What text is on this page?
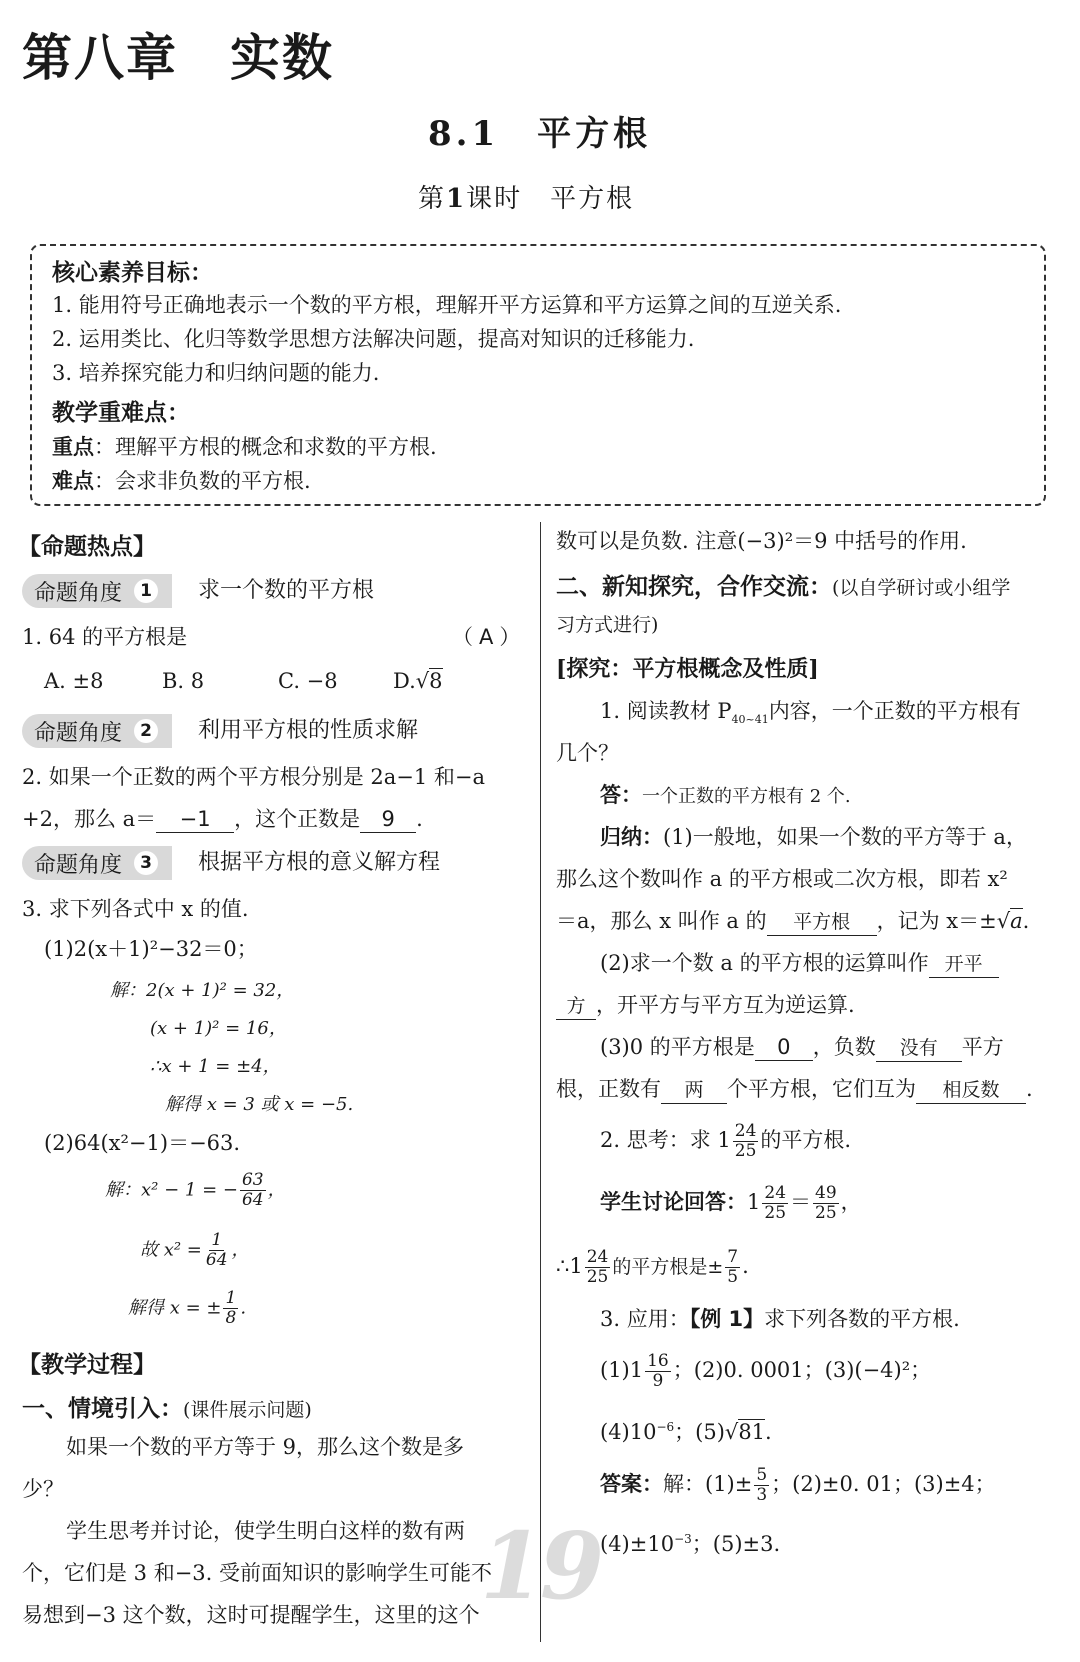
第八章　实数
8.1　平方根
第1课时　平方根
核心素养目标：
1. 能用符号正确地表示一个数的平方根，理解开平方运算和平方运算之间的互逆关系.
2. 运用类比、化归等数学思想方法解决问题，提高对知识的迁移能力.
3. 培养探究能力和归纳问题的能力.
教学重难点：
重点：理解平方根的概念和求数的平方根.
难点：会求非负数的平方根.
【命题热点】
命题角度	1 求一个数的平方根
1. 64 的平方根是	（ A ）
A. ±8	B. 8	C. −8	D.√8
命题角度	2 利用平方根的性质求解
2. 如果一个正数的两个平方根分别是 2a−1 和−a
+2，那么 a＝ −1 ，这个正数是 9 .
命题角度	3 根据平方根的意义解方程
3. 求下列各式中 x 的值.
(1)2(x＋1)²−32＝0；
解：2(x + 1)² = 32，
(x + 1)² = 16，
∴x + 1 = ±4，
解得 x = 3 或 x = −5.
(2)64(x²−1)＝−63.
解：x² − 1 = − $\frac{63}{64}$ ，
故 $x^2 = \frac{1}{64}$ ，
解得 x = ± $\frac{1}{8}$ .
【教学过程】
一、情境引入：(课件展示问题)
如果一个数的平方等于 9，那么这个数是多
少？
学生思考并讨论，使学生明白这样的数有两
个，它们是 3 和−3. 受前面知识的影响学生可能不
易想到−3 这个数，这时可提醒学生，这里的这个
数可以是负数. 注意(−3)²＝9 中括号的作用.
二、新知探究，合作交流：(以自学研讨或小组学
习方式进行)
[探究：平方根概念及性质]
1. 阅读教材 $P_{40\sim 41}$内容，一个正数的平方根有
几个？
答：一个正数的平方根有 2 个.
归纳：(1)一般地，如果一个数的平方等于 a，
那么这个数叫作 a 的平方根或二次方根，即若 x²
＝a，那么 x 叫作 a 的 平方根 ，记为 x＝±√a.
(2)求一个数 a 的平方根的运算叫作 开平
方 ，开平方与平方互为逆运算.
(3)0 的平方根是 0 ，负数 没有 平方
根，正数有 两 个平方根，它们互为 相反数 .
2. 思考：求 $1 \frac{24}{25}$ 的平方根.
学生讨论回答：$1 \frac{24}{25} = \frac{49}{25}$ ，
∴1 $\frac{24}{25}$ 的平方根是± $\frac{7}{5}$ .
3. 应用：【例 1】求下列各数的平方根.
$(1)1 \frac{16}{9}$ ；(2)0. 0001；(3)(−4)²；
$(4)10^{-6}$；(5)√81.
答案：解：$(1)\pm \frac{5}{3}$ ；(2)±0. 01；(3)±4；
$(4)\pm 10^{-3}$；(5)±3.
19
